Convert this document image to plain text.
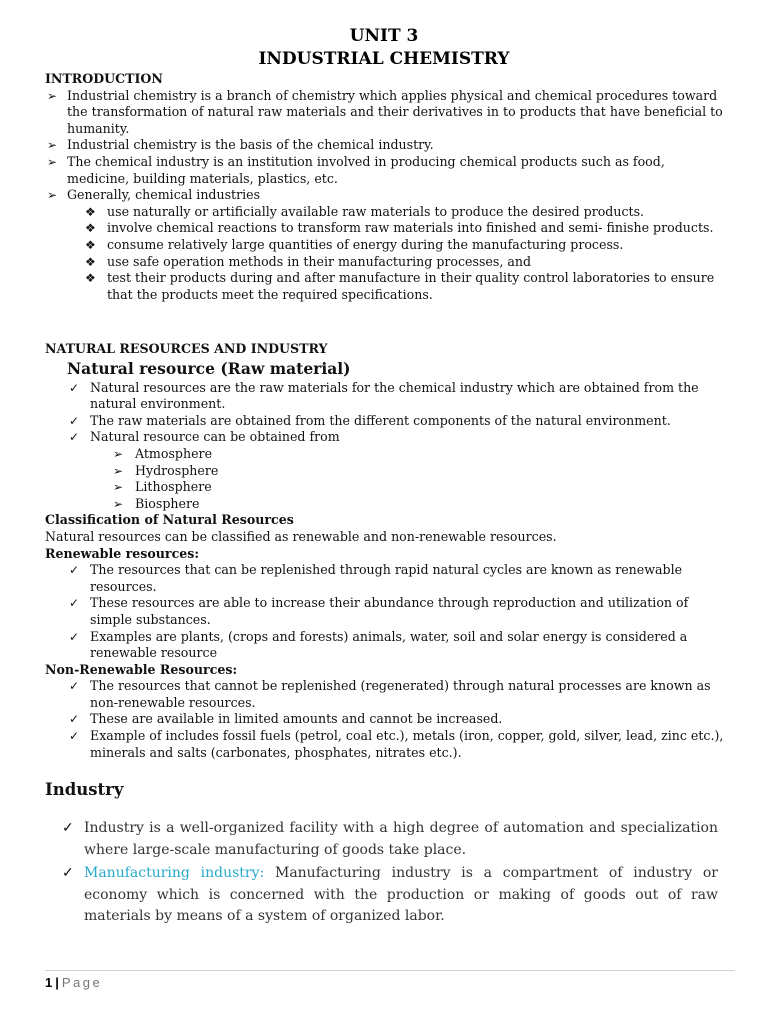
UNIT 3
INDUSTRIAL CHEMISTRY
INTRODUCTION
➢ Industrial chemistry is a branch of chemistry which applies physical and chemical procedures toward the transformation of natural raw materials and their derivatives in to products that have beneficial to humanity.
➢ Industrial chemistry is the basis of the chemical industry.
➢ The chemical industry is an institution involved in producing chemical products such as food, medicine, building materials, plastics, etc.
➢ Generally, chemical industries
❖ use naturally or artificially available raw materials to produce the desired products.
❖ involve chemical reactions to transform raw materials into finished and semi- finishe products.
❖ consume relatively large quantities of energy during the manufacturing process.
❖ use safe operation methods in their manufacturing processes, and
❖ test their products during and after manufacture in their quality control laboratories to ensure that the products meet the required specifications.
NATURAL RESOURCES AND INDUSTRY
Natural resource (Raw material)
✓ Natural resources are the raw materials for the chemical industry which are obtained from the natural environment.
✓ The raw materials are obtained from the different components of the natural environment.
✓ Natural resource can be obtained from
➢ Atmosphere
➢ Hydrosphere
➢ Lithosphere
➢ Biosphere
Classification of Natural Resources
Natural resources can be classified as renewable and non-renewable resources.
Renewable resources:
✓ The resources that can be replenished through rapid natural cycles are known as renewable resources.
✓ These resources are able to increase their abundance through reproduction and utilization of simple substances.
✓ Examples are plants, (crops and forests) animals, water, soil and solar energy is considered a renewable resource
Non-Renewable Resources:
✓ The resources that cannot be replenished (regenerated) through natural processes are known as non-renewable resources.
✓ These are available in limited amounts and cannot be increased.
✓ Example of includes fossil fuels (petrol, coal etc.), metals (iron, copper, gold, silver, lead, zinc etc.), minerals and salts (carbonates, phosphates, nitrates etc.).
Industry
✓ Industry is a well-organized facility with a high degree of automation and specialization where large-scale manufacturing of goods take place.
✓ Manufacturing industry: Manufacturing industry is a compartment of industry or economy which is concerned with the production or making of goods out of raw materials by means of a system of organized labor.
1 | Page
